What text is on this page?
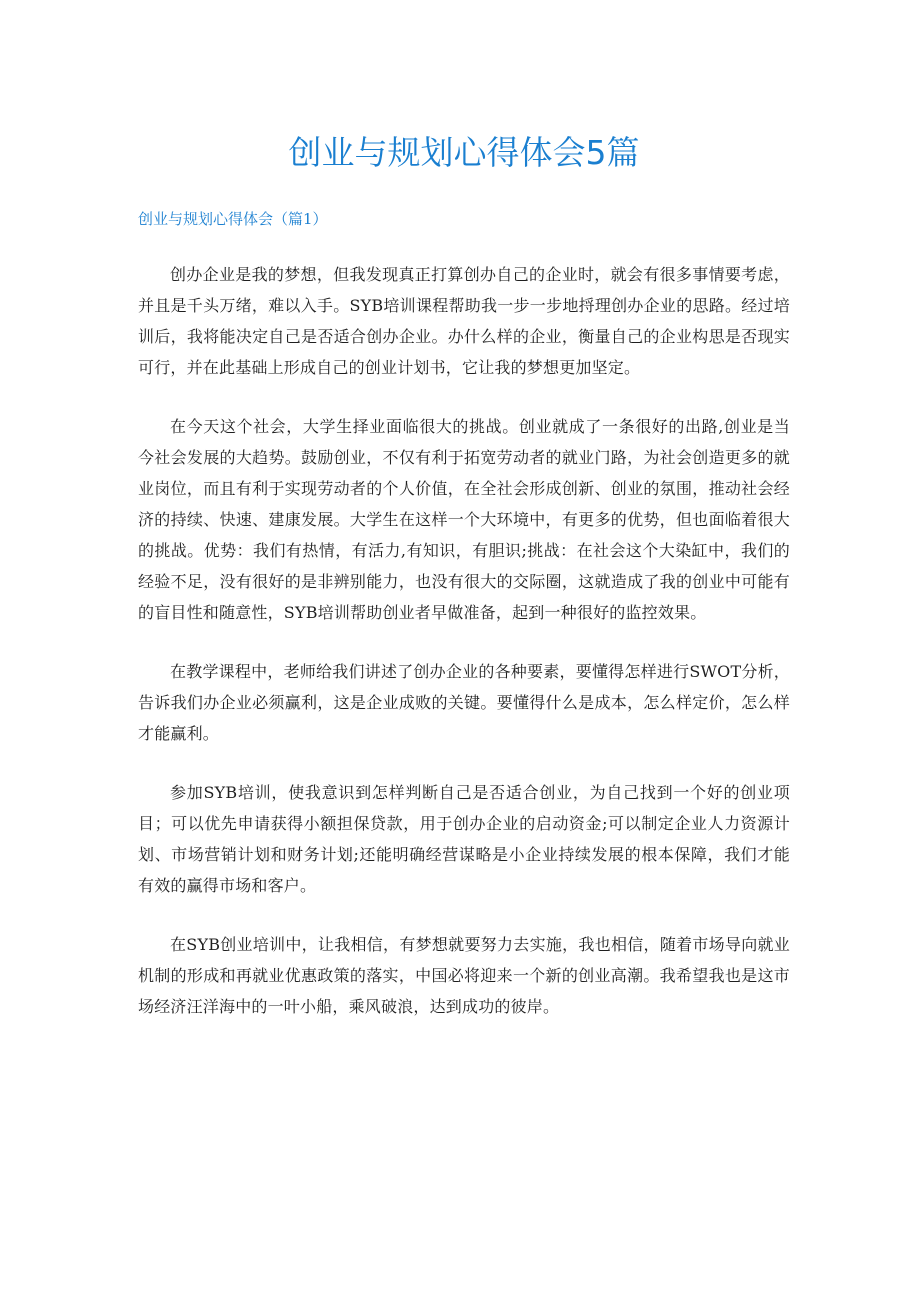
创业与规划心得体会5篇
创业与规划心得体会（篇1）

创办企业是我的梦想，但我发现真正打算创办自己的企业时，就会有很多事情要考虑，并且是千头万绪，难以入手。SYB培训课程帮助我一步一步地捋理创办企业的思路。经过培训后，我将能决定自己是否适合创办企业。办什么样的企业，衡量自己的企业构思是否现实可行，并在此基础上形成自己的创业计划书，它让我的梦想更加坚定。

在今天这个社会，大学生择业面临很大的挑战。创业就成了一条很好的出路,创业是当今社会发展的大趋势。鼓励创业，不仅有利于拓宽劳动者的就业门路，为社会创造更多的就业岗位，而且有利于实现劳动者的个人价值，在全社会形成创新、创业的氛围，推动社会经济的持续、快速、建康发展。大学生在这样一个大环境中，有更多的优势，但也面临着很大的挑战。优势：我们有热情，有活力,有知识，有胆识;挑战：在社会这个大染缸中，我们的经验不足，没有很好的是非辨别能力，也没有很大的交际圈，这就造成了我的创业中可能有的盲目性和随意性，SYB培训帮助创业者早做准备，起到一种很好的监控效果。

在教学课程中，老师给我们讲述了创办企业的各种要素，要懂得怎样进行SWOT分析，告诉我们办企业必须赢利，这是企业成败的关键。要懂得什么是成本，怎么样定价，怎么样才能赢利。

参加SYB培训，使我意识到怎样判断自己是否适合创业，为自己找到一个好的创业项目；可以优先申请获得小额担保贷款，用于创办企业的启动资金;可以制定企业人力资源计划、市场营销计划和财务计划;还能明确经营谋略是小企业持续发展的根本保障，我们才能有效的赢得市场和客户。

在SYB创业培训中，让我相信，有梦想就要努力去实施，我也相信，随着市场导向就业机制的形成和再就业优惠政策的落实，中国必将迎来一个新的创业高潮。我希望我也是这市场经济汪洋海中的一叶小船，乘风破浪，达到成功的彼岸。
